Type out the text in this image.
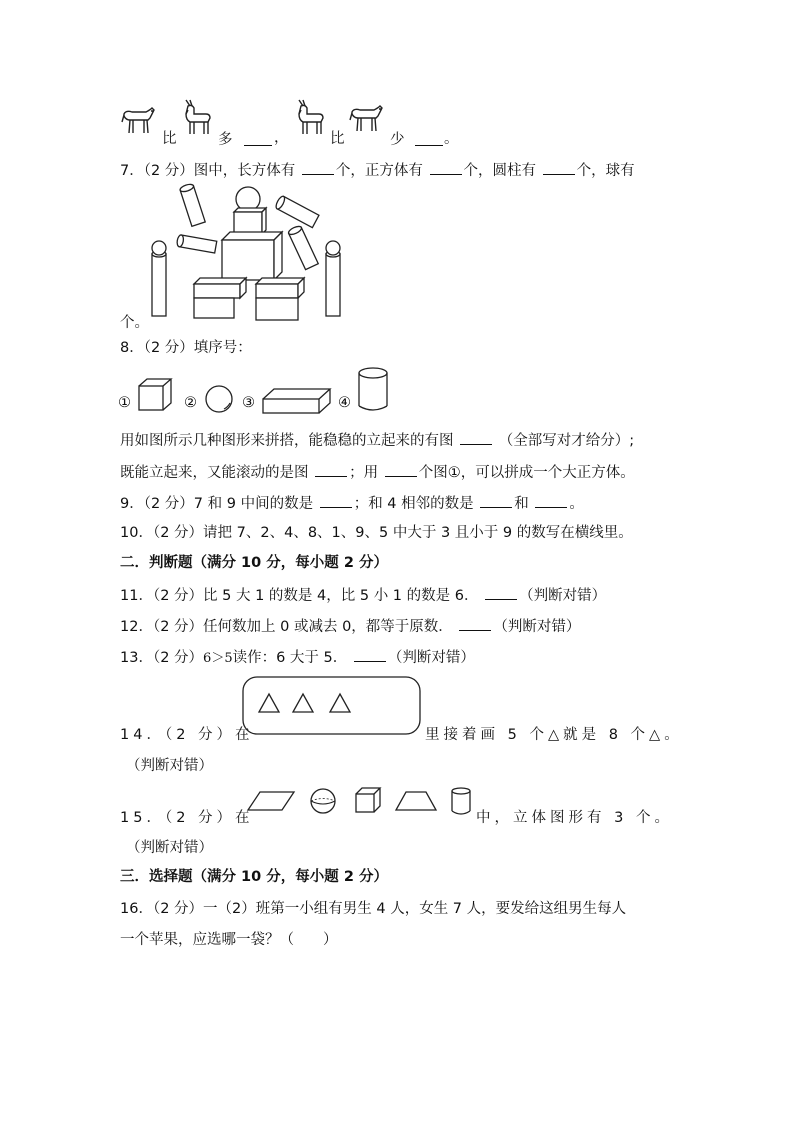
比	多	，	比	少	。
7．（2 分）图中，长方体有	个，正方体有	个，圆柱有	个，球有
个。
8．（2 分）填序号：
①	②	③	④
用如图所示几种图形来拼搭，能稳稳的立起来的有图	（全部写对才给分）;
既能立起来，又能滚动的是图	；用	个图①，可以拼成一个大正方体。
9．（2 分）7 和 9 中间的数是	；和 4 相邻的数是	和	。
10．（2 分）请把 7、2、4、8、1、9、5 中大于 3 且小于 9 的数写在横线里。
二．判断题（满分 10 分，每小题 2 分）
11．（2 分）比 5 大 1 的数是 4，比 5 小 1 的数是 6．	（判断对错）
12．（2 分）任何数加上 0 或减去 0，都等于原数．	（判断对错）
13．（2 分）6＞5读作：6 大于 5．	（判断对错）
14．（2 分）在	里接着画 5 个△就是 8 个△。
（判断对错）
15．（2 分）在	中，立体图形有 3 个。
（判断对错）
三．选择题（满分 10 分，每小题 2 分）
16．（2 分）一（2）班第一小组有男生 4 人，女生 7 人，要发给这组男生每人
一个苹果，应选哪一袋？（　　）
